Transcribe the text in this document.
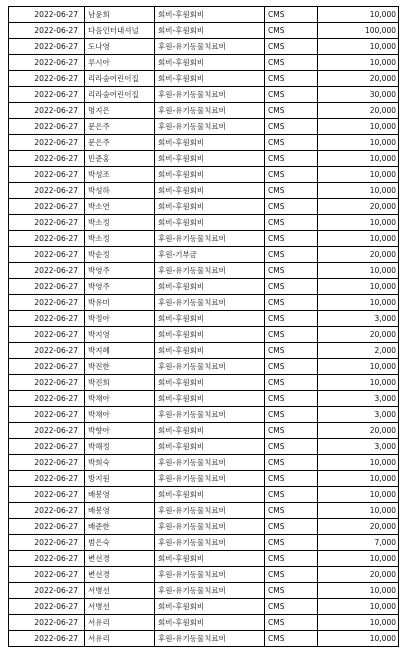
2022-06-27	남윤희	회비-후원회비	CMS	10,000
2022-06-27	다음인터내셔널	회비-후원회비	CMS	100,000
2022-06-27	도나영	후원-유기동물치료비	CMS	10,000
2022-06-27	루시아	회비-후원회비	CMS	10,000
2022-06-27	리라숲어린이집	회비-후원회비	CMS	20,000
2022-06-27	리라숲어린이집	후원-유기동물치료비	CMS	30,000
2022-06-27	명지은	후원-유기동물치료비	CMS	20,000
2022-06-27	문은주	후원-유기동물치료비	CMS	10,000
2022-06-27	문은주	회비-후원회비	CMS	10,000
2022-06-27	민준홍	회비-후원회비	CMS	10,000
2022-06-27	박성조	회비-후원회비	CMS	10,000
2022-06-27	박성하	회비-후원회비	CMS	10,000
2022-06-27	박소연	회비-후원회비	CMS	20,000
2022-06-27	박소정	회비-후원회비	CMS	10,000
2022-06-27	박소정	후원-유기동물치료비	CMS	10,000
2022-06-27	박순정	후원-기부금	CMS	20,000
2022-06-27	박영주	후원-유기동물치료비	CMS	10,000
2022-06-27	박영주	회비-후원회비	CMS	10,000
2022-06-27	박유미	후원-유기동물치료비	CMS	10,000
2022-06-27	박정아	회비-후원회비	CMS	3,000
2022-06-27	박지영	회비-후원회비	CMS	20,000
2022-06-27	박지혜	회비-후원회비	CMS	2,000
2022-06-27	박진한	후원-유기동물치료비	CMS	10,000
2022-06-27	박진희	회비-후원회비	CMS	10,000
2022-06-27	박채아	회비-후원회비	CMS	3,000
2022-06-27	박채아	후원-유기동물치료비	CMS	3,000
2022-06-27	박향아	회비-후원회비	CMS	20,000
2022-06-27	박해정	회비-후원회비	CMS	3,000
2022-06-27	박희숙	후원-유기동물치료비	CMS	10,000
2022-06-27	방지원	후원-유기동물치료비	CMS	10,000
2022-06-27	배봉영	회비-후원회비	CMS	10,000
2022-06-27	배봉영	후원-유기동물치료비	CMS	10,000
2022-06-27	배준한	후원-유기동물치료비	CMS	20,000
2022-06-27	범은숙	후원-유기동물치료비	CMS	7,000
2022-06-27	변선경	회비-후원회비	CMS	10,000
2022-06-27	변선경	후원-유기동물치료비	CMS	20,000
2022-06-27	서병선	후원-유기동물치료비	CMS	10,000
2022-06-27	서병선	회비-후원회비	CMS	10,000
2022-06-27	서유리	회비-후원회비	CMS	10,000
2022-06-27	서유리	후원-유기동물치료비	CMS	10,000
